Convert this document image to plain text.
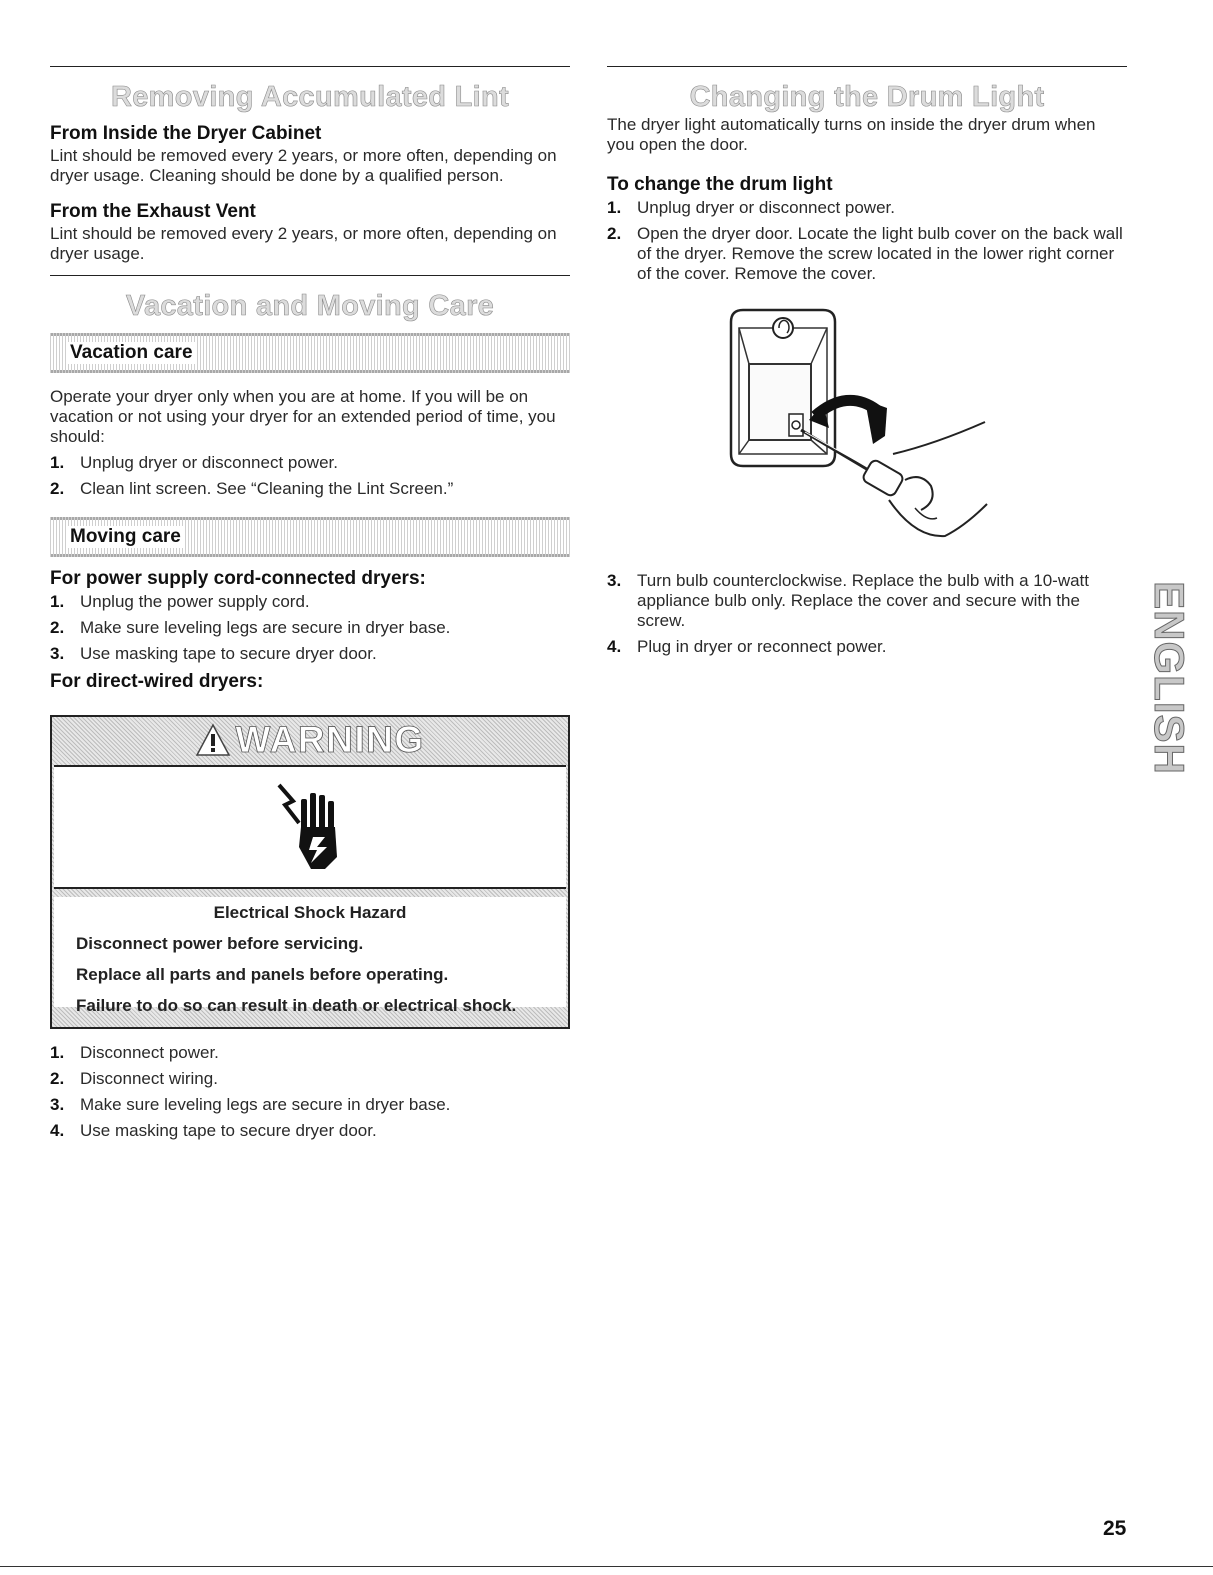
Removing Accumulated Lint
From Inside the Dryer Cabinet

Lint should be removed every 2 years, or more often, depending on dryer usage. Cleaning should be done by a qualified person.

From the Exhaust Vent

Lint should be removed every 2 years, or more often, depending on dryer usage.

Vacation and Moving Care
Vacation care

Operate your dryer only when you are at home. If you will be on vacation or not using your dryer for an extended period of time, you should:

1. Unplug dryer or disconnect power.
2. Clean lint screen. See “Cleaning the Lint Screen.”
Moving care
For power supply cord-connected dryers:
1. Unplug the power supply cord.
2. Make sure leveling legs are secure in dryer base.
3. Use masking tape to secure dryer door.
For direct-wired dryers:
WARNING
Electrical Shock Hazard
Disconnect power before servicing.
Replace all parts and panels before operating.
Failure to do so can result in death or electrical shock.
1. Disconnect power.
2. Disconnect wiring.
3. Make sure leveling legs are secure in dryer base.
4. Use masking tape to secure dryer door.
Changing the Drum Light

The dryer light automatically turns on inside the dryer drum when you open the door.

To change the drum light
1. Unplug dryer or disconnect power.
2. Open the dryer door. Locate the light bulb cover on the back wall of the dryer. Remove the screw located in the lower right corner of the cover. Remove the cover.
3. Turn bulb counterclockwise. Replace the bulb with a 10-watt appliance bulb only. Replace the cover and secure with the screw.
4. Plug in dryer or reconnect power.	ENGLISH
25
